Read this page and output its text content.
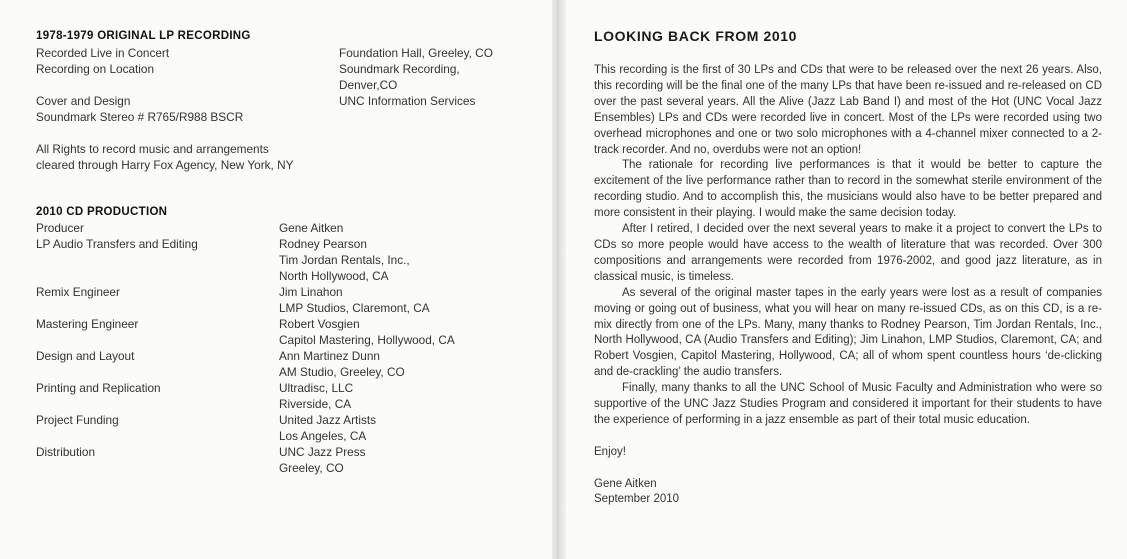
1978-1979 ORIGINAL LP RECORDING
Recorded Live in Concert	Foundation Hall, Greeley, CO
Recording on Location	Soundmark Recording,
Denver,CO
Cover and Design	UNC Information Services
Soundmark Stereo # R765/R988 BSCR
All Rights to record music and arrangements
cleared through Harry Fox Agency, New York, NY
2010 CD PRODUCTION
Producer	Gene Aitken
LP Audio Transfers and Editing	Rodney Pearson
Tim Jordan Rentals, Inc.,
North Hollywood, CA
Remix Engineer	Jim Linahon
LMP Studios, Claremont, CA
Mastering Engineer	Robert Vosgien
Capitol Mastering, Hollywood, CA
Design and Layout	Ann Martinez Dunn
AM Studio, Greeley, CO
Printing and Replication	Ultradisc, LLC
Riverside, CA
Project Funding	United Jazz Artists
Los Angeles, CA
Distribution	UNC Jazz Press
Greeley, CO
LOOKING BACK FROM 2010

This recording is the first of 30 LPs and CDs that were to be released over the next 26 years. Also, this recording will be the final one of the many LPs that have been re-issued and re-released on CD over the past several years. All the Alive (Jazz Lab Band I) and most of the Hot (UNC Vocal Jazz Ensembles) LPs and CDs were recorded live in concert. Most of the LPs were recorded using two overhead microphones and one or two solo microphones with a 4-channel mixer connected to a 2-track recorder. And no, overdubs were not an option!

The rationale for recording live performances is that it would be better to capture the excitement of the live performance rather than to record in the somewhat sterile environment of the recording studio. And to accomplish this, the musicians would also have to be better prepared and more consistent in their playing. I would make the same decision today.

After I retired, I decided over the next several years to make it a project to convert the LPs to CDs so more people would have access to the wealth of literature that was recorded. Over 300 compositions and arrangements were recorded from 1976-2002, and good jazz literature, as in classical music, is timeless.

As several of the original master tapes in the early years were lost as a result of companies moving or going out of business, what you will hear on many re-issued CDs, as on this CD, is a re-mix directly from one of the LPs. Many, many thanks to Rodney Pearson, Tim Jordan Rentals, Inc., North Hollywood, CA (Audio Transfers and Editing); Jim Linahon, LMP Studios, Claremont, CA; and Robert Vosgien, Capitol Mastering, Hollywood, CA; all of whom spent countless hours ‘de-clicking and de-crackling’ the audio transfers.

Finally, many thanks to all the UNC School of Music Faculty and Administration who were so supportive of the UNC Jazz Studies Program and considered it important for their students to have the experience of performing in a jazz ensemble as part of their total music education.

Enjoy!

Gene Aitken

September 2010
